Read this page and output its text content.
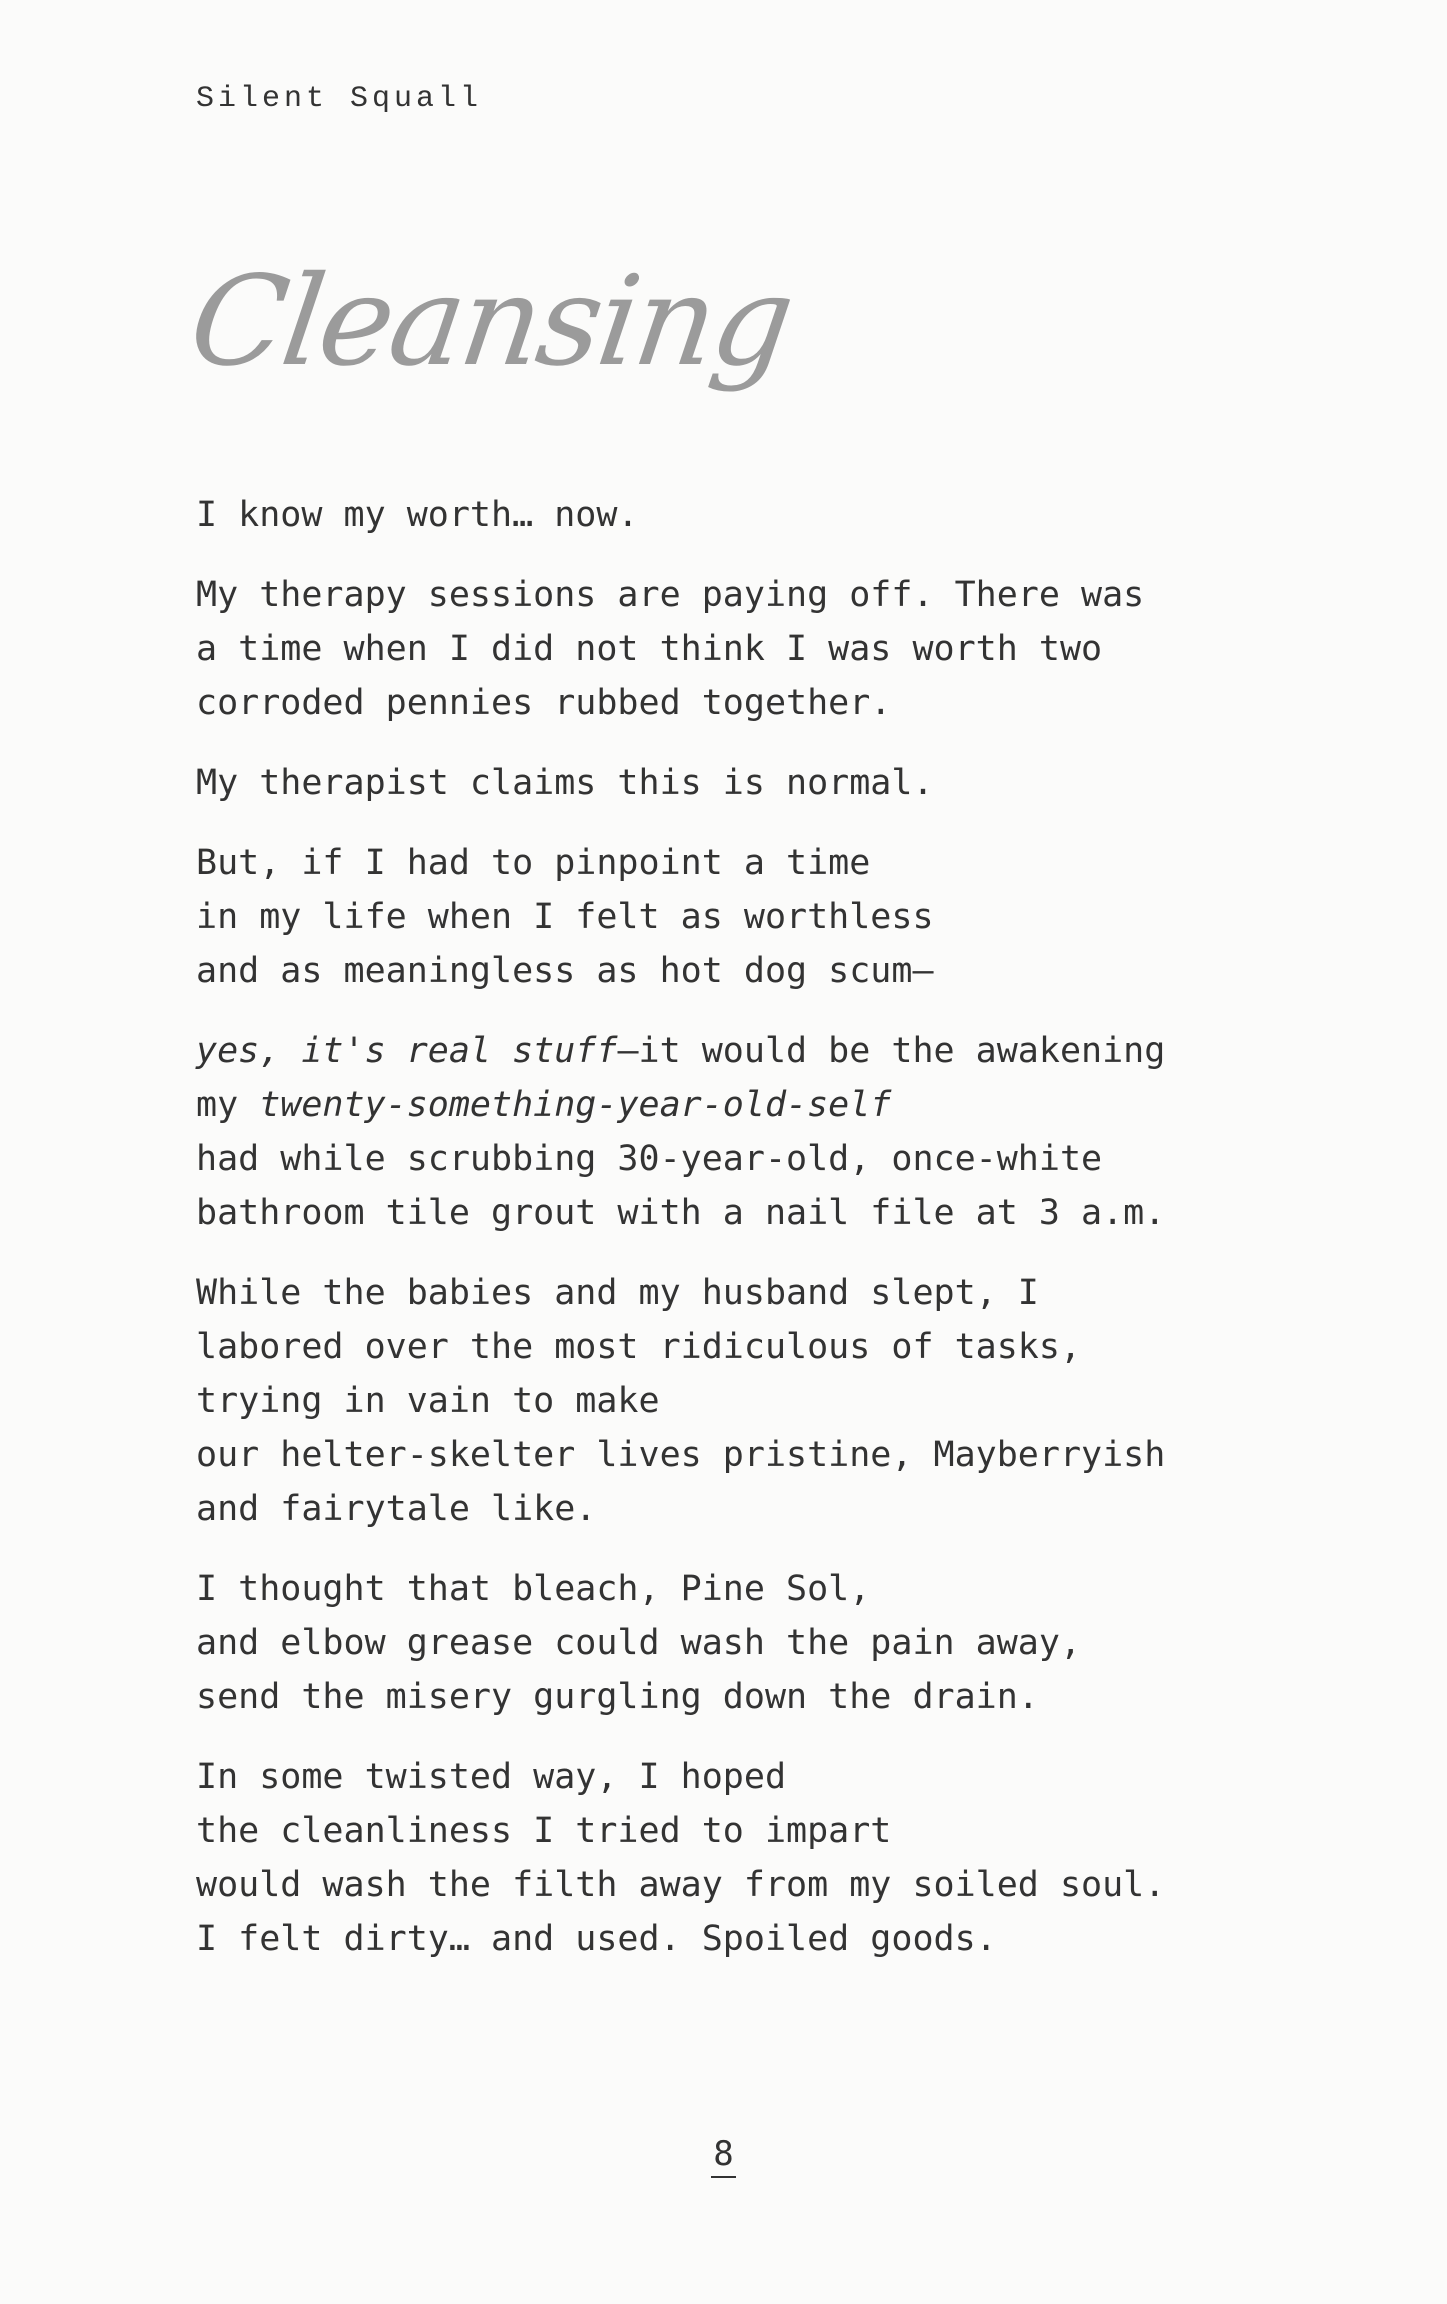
Silent Squall
Cleansing
I know my worth… now.
My therapy sessions are paying off. There was
a time when I did not think I was worth two
corroded pennies rubbed together.
My therapist claims this is normal.
But, if I had to pinpoint a time
in my life when I felt as worthless
and as meaningless as hot dog scum—
yes, it's real stuff—it would be the awakening
my twenty-something-year-old-self
had while scrubbing 30-year-old, once-white
bathroom tile grout with a nail file at 3 a.m.
While the babies and my husband slept, I
labored over the most ridiculous of tasks,
trying in vain to make
our helter-skelter lives pristine, Mayberryish
and fairytale like.
I thought that bleach, Pine Sol,
and elbow grease could wash the pain away,
send the misery gurgling down the drain.
In some twisted way, I hoped
the cleanliness I tried to impart
would wash the filth away from my soiled soul.
I felt dirty… and used. Spoiled goods.
8
